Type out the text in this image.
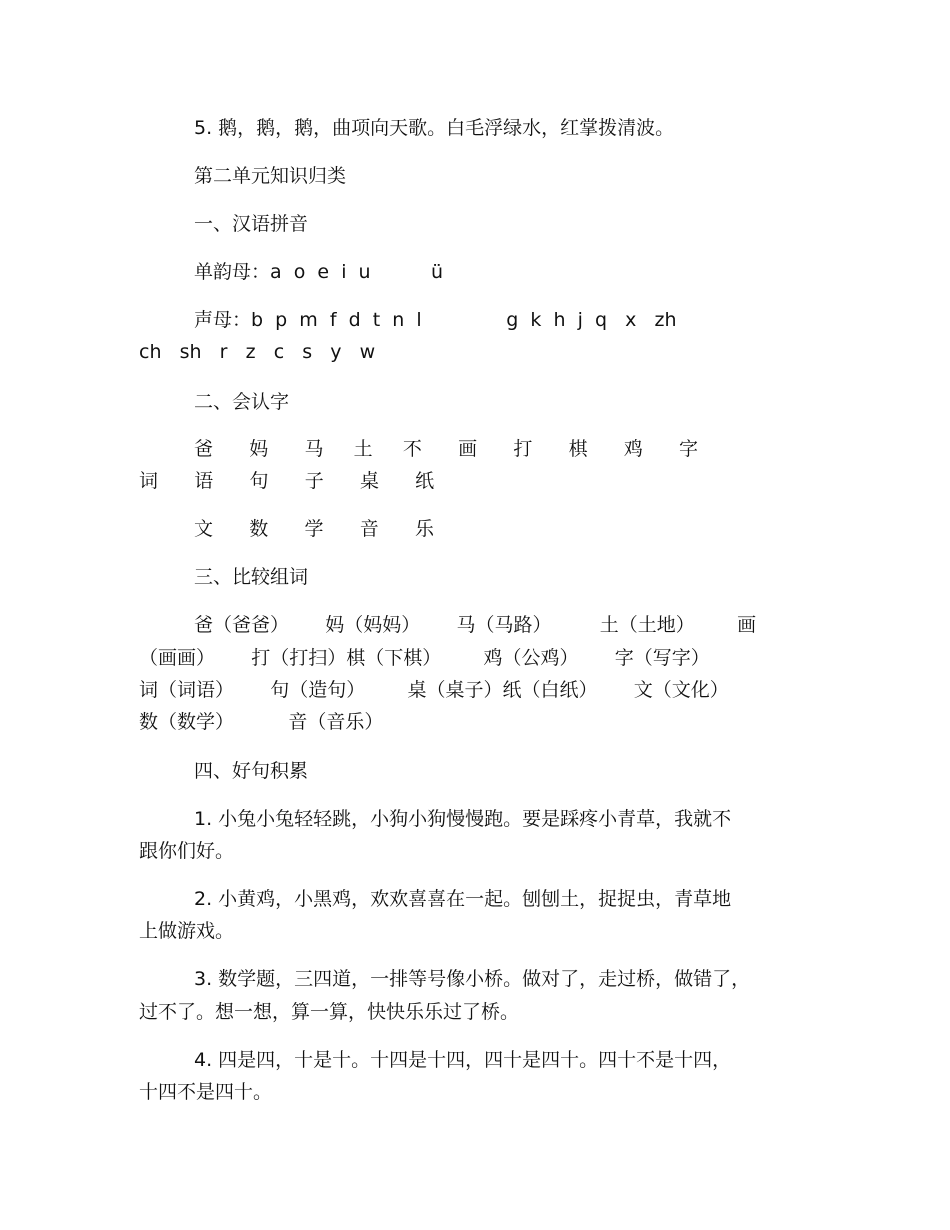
5. 鹅，鹅，鹅，曲项向天歌。白毛浮绿水，红掌拨清波。

第二单元知识归类

一、汉语拼音

单韵母：a  o  e  i  u          ü

声母：b  p  m  f  d  t  n  l              g  k  h  j  q   x   zh

ch   sh   r   z   c   s   y   w

二、会认字

爸      妈      马     土     不      画      打      棋      鸡      字

词      语      句      子      桌      纸

文      数      学      音      乐

三、比较组词

爸（爸爸）      妈（妈妈）      马（马路）        土（土地）       画

（画画）      打（打扫）棋（下棋）       鸡（公鸡）      字（写字）

词（词语）      句（造句）       桌（桌子）纸（白纸）      文（文化）

数（数学）         音（音乐）

四、好句积累

1. 小兔小兔轻轻跳，小狗小狗慢慢跑。要是踩疼小青草，我就不

跟你们好。

2. 小黄鸡，小黑鸡，欢欢喜喜在一起。刨刨土，捉捉虫，青草地

上做游戏。

3. 数学题，三四道，一排等号像小桥。做对了，走过桥，做错了，

过不了。想一想，算一算，快快乐乐过了桥。

4. 四是四，十是十。十四是十四，四十是四十。四十不是十四，

十四不是四十。
